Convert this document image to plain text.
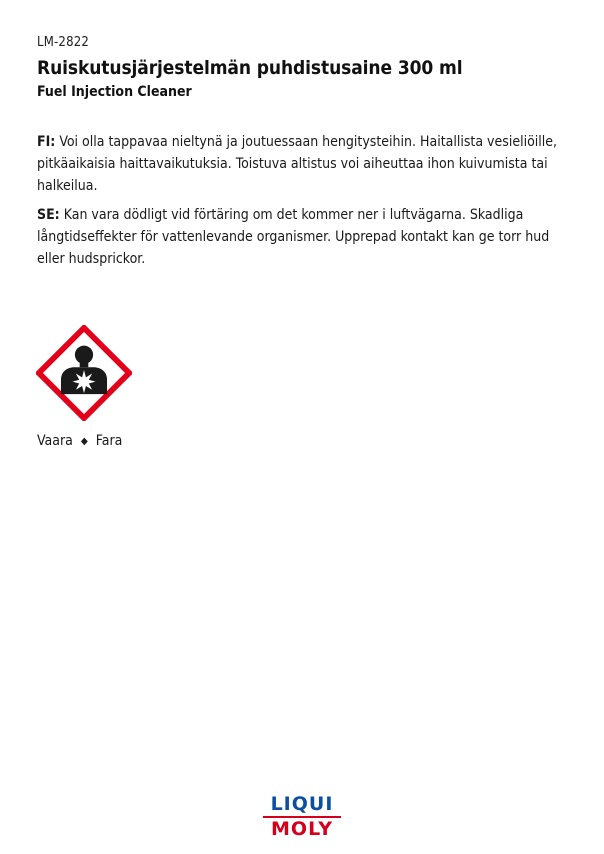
LM-2822
Ruiskutusjärjestelmän puhdistusaine 300 ml
Fuel Injection Cleaner
FI: Voi olla tappavaa nieltynä ja joutuessaan hengitysteihin. Haitallista vesieliöille, pitkäaikaisia haittavaikutuksia. Toistuva altistus voi aiheuttaa ihon kuivumista tai halkeilua.
SE: Kan vara dödligt vid förtäring om det kommer ner i luftvägarna. Skadliga långtidseffekter för vattenlevande organismer. Upprepad kontakt kan ge torr hud eller hudsprickor.
Vaara ◆ Fara
LIQUI
MOLY
